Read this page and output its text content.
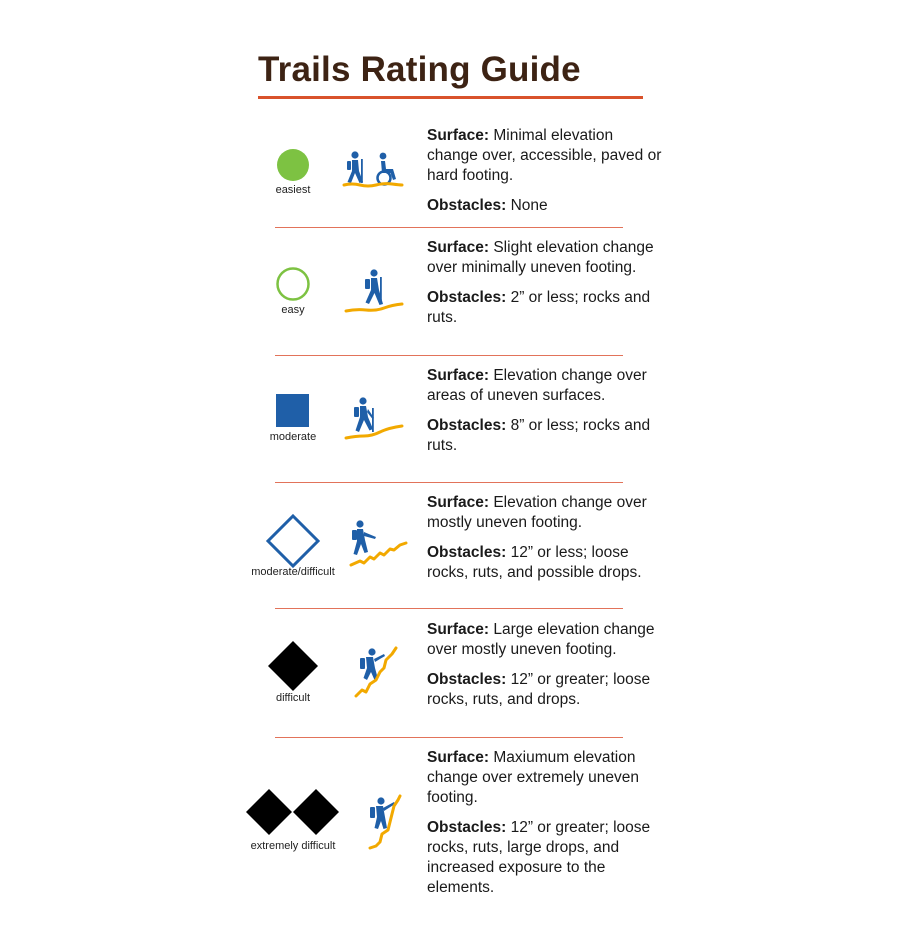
Trails Rating Guide
easiest

Surface: Minimal elevation change over, accessible, paved or hard footing.

Obstacles: None

easy

Surface: Slight elevation change over minimally uneven footing.

Obstacles: 2” or less; rocks and ruts.

moderate

Surface: Elevation change over areas of uneven surfaces.

Obstacles: 8” or less; rocks and ruts.

moderate/difficult

Surface: Elevation change over mostly uneven footing.

Obstacles: 12” or less; loose rocks, ruts, and possible drops.

difficult

Surface: Large elevation change over mostly uneven footing.

Obstacles: 12” or greater; loose rocks, ruts, and drops.

extremely difficult

Surface: Maxiumum elevation change over extremely uneven footing.

Obstacles: 12” or greater; loose rocks, ruts, large drops, and increased exposure to the elements.
